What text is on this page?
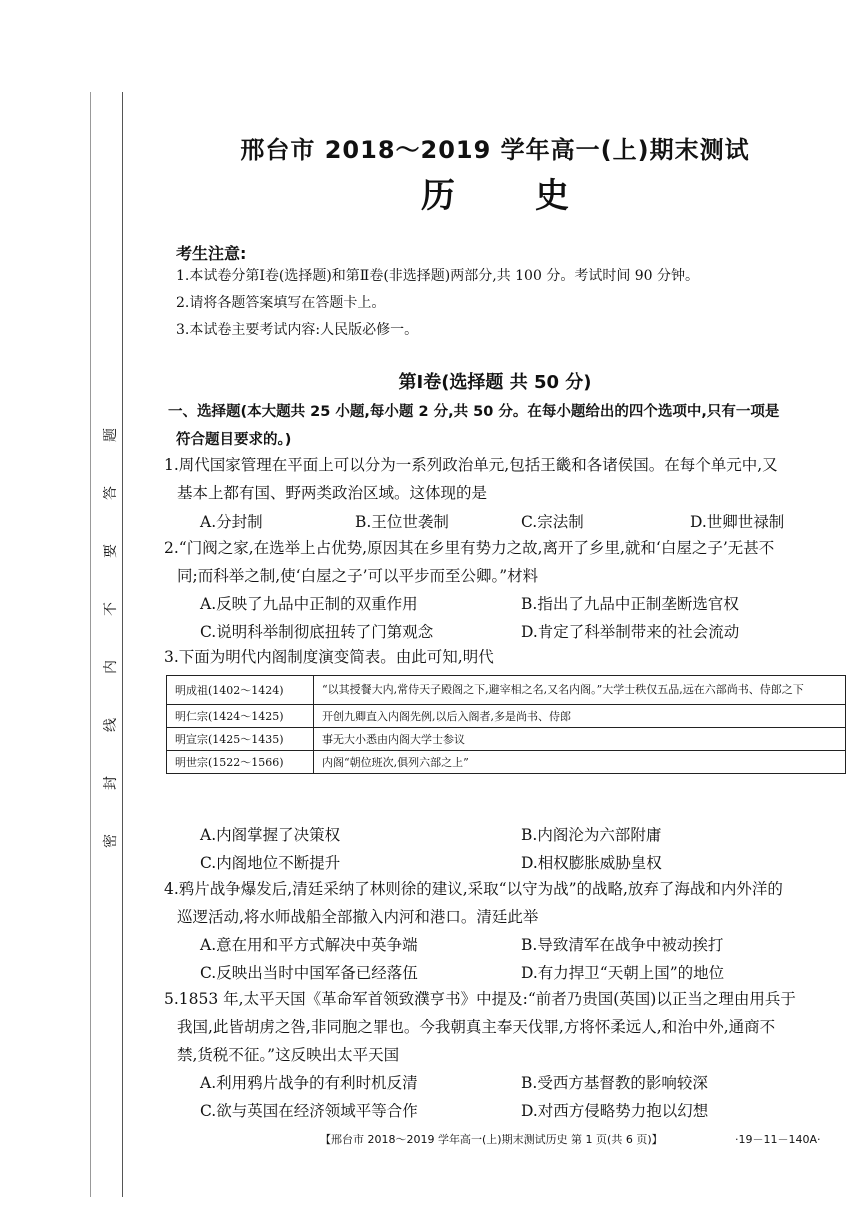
题
答
要
不
内
线
封
密
邢台市 2018～2019 学年高一(上)期末测试
历史
考生注意:
1.本试卷分第Ⅰ卷(选择题)和第Ⅱ卷(非选择题)两部分,共 100 分。考试时间 90 分钟。
2.请将各题答案填写在答题卡上。
3.本试卷主要考试内容:人民版必修一。
第Ⅰ卷(选择题 共 50 分)
一、选择题(本大题共 25 小题,每小题 2 分,共 50 分。在每小题给出的四个选项中,只有一项是
符合题目要求的。)
1.周代国家管理在平面上可以分为一系列政治单元,包括王畿和各诸侯国。在每个单元中,又
基本上都有国、野两类政治区域。这体现的是
A.分封制	B.王位世袭制	C.宗法制	D.世卿世禄制
2.“门阀之家,在选举上占优势,原因其在乡里有势力之故,离开了乡里,就和‘白屋之子’无甚不
同;而科举之制,使‘白屋之子’可以平步而至公卿。”材料
A.反映了九品中正制的双重作用	B.指出了九品中正制垄断选官权
C.说明科举制彻底扭转了门第观念	D.肯定了科举制带来的社会流动
3.下面为明代内阁制度演变简表。由此可知,明代
明成祖(1402～1424)	“以其授餐大内,常侍天子殿阁之下,避宰相之名,又名内阁。”大学士秩仅五品,远在六部尚书、侍郎之下
明仁宗(1424～1425)	开创九卿直入内阁先例,以后入阁者,多是尚书、侍郎
明宣宗(1425～1435)	事无大小悉由内阁大学士参议
明世宗(1522～1566)	内阁“朝位班次,俱列六部之上”
A.内阁掌握了决策权	B.内阁沦为六部附庸
C.内阁地位不断提升	D.相权膨胀威胁皇权
4.鸦片战争爆发后,清廷采纳了林则徐的建议,采取“以守为战”的战略,放弃了海战和内外洋的
巡逻活动,将水师战船全部撤入内河和港口。清廷此举
A.意在用和平方式解决中英争端	B.导致清军在战争中被动挨打
C.反映出当时中国军备已经落伍	D.有力捍卫“天朝上国”的地位
5.1853 年,太平天国《革命军首领致濮亨书》中提及:“前者乃贵国(英国)以正当之理由用兵于
我国,此皆胡虏之咎,非同胞之罪也。今我朝真主奉天伐罪,方将怀柔远人,和治中外,通商不
禁,货税不征。”这反映出太平天国
A.利用鸦片战争的有利时机反清	B.受西方基督教的影响较深
C.欲与英国在经济领域平等合作	D.对西方侵略势力抱以幻想
【邢台市 2018～2019 学年高一(上)期末测试历史 第 1 页(共 6 页)】	·19－11－140A·
